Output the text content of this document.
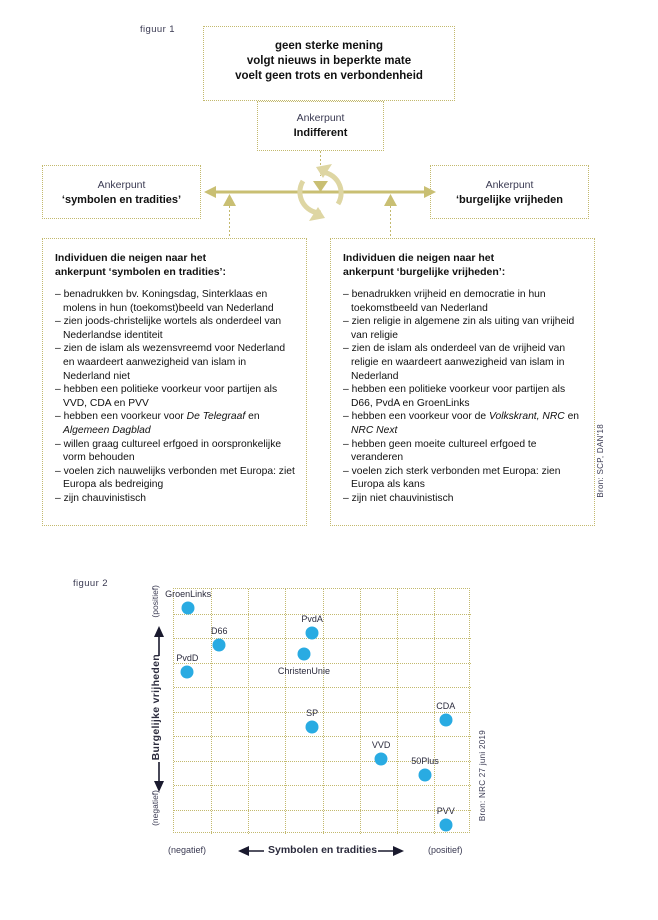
figuur 1
geen sterke mening
volgt nieuws in beperkte mate
voelt geen trots en verbondenheid
Ankerpunt
Indifferent
Ankerpunt
‘symbolen en tradities’
Ankerpunt
‘burgelijke vrijheden
Individuen die neigen naar het
ankerpunt ‘symbolen en tradities’:
– benadrukken bv. Koningsdag, Sinterklaas en molens in hun (toekomst)beeld van Nederland
– zien joods-christelijke wortels als onderdeel van Nederlandse identiteit
– zien de islam als wezensvreemd voor Nederland en waardeert aanwezigheid van islam in Nederland niet
– hebben een politieke voorkeur voor partijen als VVD, CDA en PVV
– hebben een voorkeur voor De Telegraaf en Algemeen Dagblad
– willen graag cultureel erfgoed in oorspronkelijke vorm behouden
– voelen zich nauwelijks verbonden met Europa: ziet Europa als bedreiging
– zijn chauvinistisch
Individuen die neigen naar het
ankerpunt ‘burgelijke vrijheden’:
– benadrukken vrijheid en democratie in hun toekomstbeeld van Nederland
– zien religie in algemene zin als uiting van vrijheid van religie
– zien de islam als onderdeel van de vrijheid van religie en waardeert aanwezigheid van islam in Nederland
– hebben een politieke voorkeur voor partijen als D66, PvdA en GroenLinks
– hebben een voorkeur voor de Volkskrant, NRC en NRC Next
– hebben geen moeite cultureel erfgoed te veranderen
– voelen zich sterk verbonden met Europa: zien Europa als kans
– zijn niet chauvinistisch
Bron: SCP, DAN'18
figuur 2
(positief)
Burgelijke vrijheden
(negatief)
GroenLinks
D66
PvdD
PvdA
ChristenUnie
SP
CDA
VVD
50Plus
PVV
(negatief)	(positief)
Symbolen en tradities
Bron: NRC 27 juni 2019
